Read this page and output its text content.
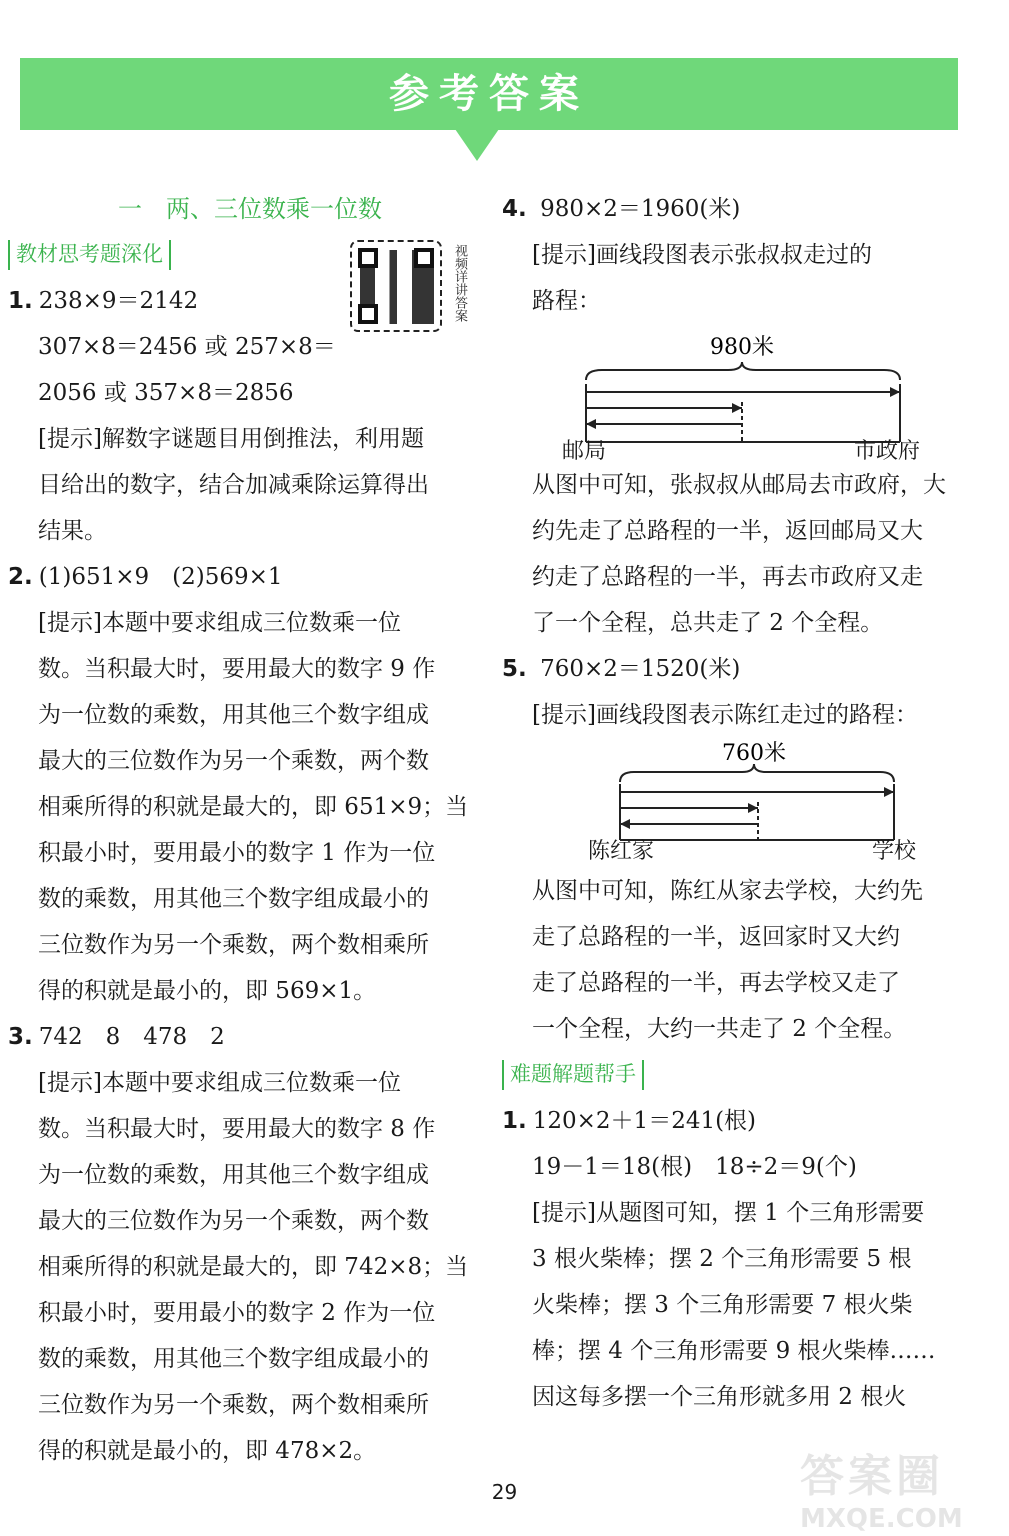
参考答案
视频详讲答案
一　两、三位数乘一位数
教材思考题深化
1. 238×9＝2142
307×8＝2456 或 257×8＝
2056 或 357×8＝2856
[提示]解数字谜题目用倒推法，利用题
目给出的数字，结合加减乘除运算得出
结果。
2. (1)651×9　(2)569×1
[提示]本题中要求组成三位数乘一位
数。当积最大时，要用最大的数字 9 作
为一位数的乘数，用其他三个数字组成
最大的三位数作为另一个乘数，两个数
相乘所得的积就是最大的，即 651×9；当
积最小时，要用最小的数字 1 作为一位
数的乘数，用其他三个数字组成最小的
三位数作为另一个乘数，两个数相乘所
得的积就是最小的，即 569×1。
3. 742　8　478　2
[提示]本题中要求组成三位数乘一位
数。当积最大时，要用最大的数字 8 作
为一位数的乘数，用其他三个数字组成
最大的三位数作为另一个乘数，两个数
相乘所得的积就是最大的，即 742×8；当
积最小时，要用最小的数字 2 作为一位
数的乘数，用其他三个数字组成最小的
三位数作为另一个乘数，两个数相乘所
得的积就是最小的，即 478×2。
4. 980×2＝1960(米)
[提示]画线段图表示张叔叔走过的
路程：
980米
邮局	市政府
从图中可知，张叔叔从邮局去市政府，大
约先走了总路程的一半，返回邮局又大
约走了总路程的一半，再去市政府又走
了一个全程，总共走了 2 个全程。
5. 760×2＝1520(米)
[提示]画线段图表示陈红走过的路程：
760米
陈红家	学校
从图中可知，陈红从家去学校，大约先
走了总路程的一半，返回家时又大约
走了总路程的一半，再去学校又走了
一个全程，大约一共走了 2 个全程。
难题解题帮手
1. 120×2＋1＝241(根)
19－1＝18(根)　18÷2＝9(个)
[提示]从题图可知，摆 1 个三角形需要
3 根火柴棒；摆 2 个三角形需要 5 根
火柴棒；摆 3 个三角形需要 7 根火柴
棒；摆 4 个三角形需要 9 根火柴棒……
因这每多摆一个三角形就多用 2 根火
29	答案圈
MXQE.COM
